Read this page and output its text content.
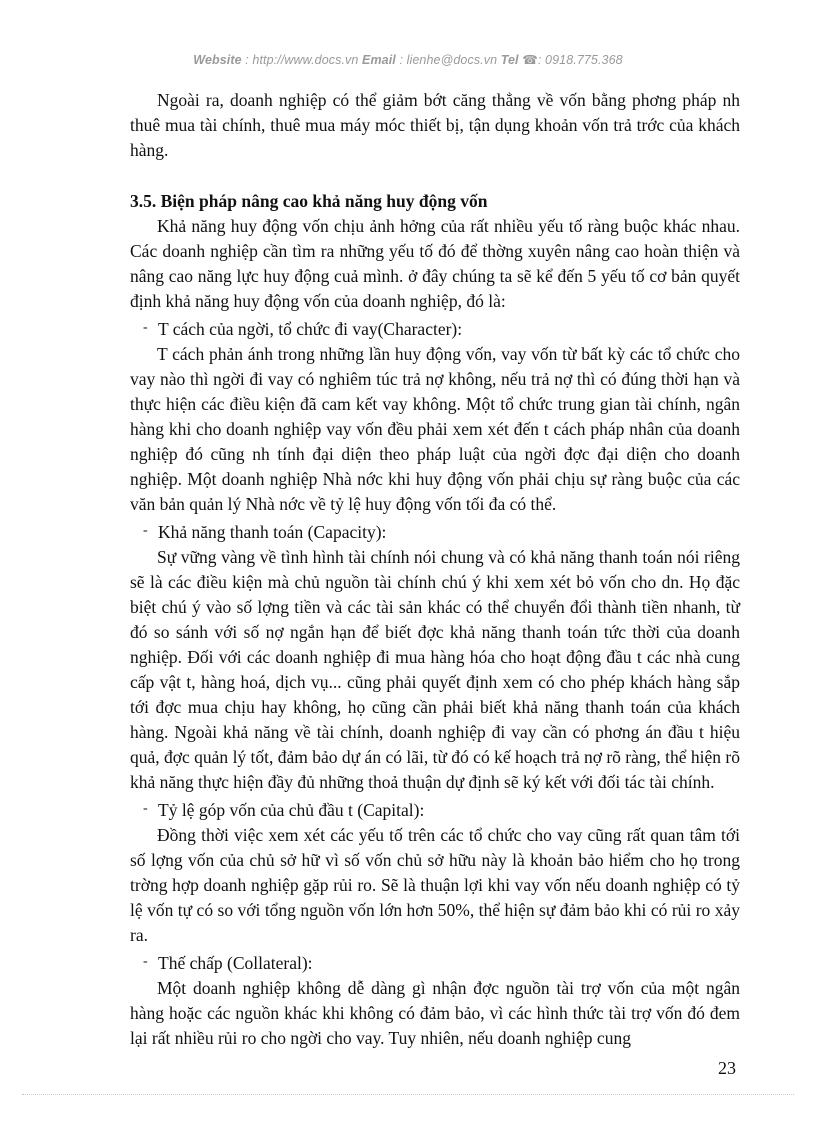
Website : http://www.docs.vn Email : lienhe@docs.vn Tel ☎: 0918.775.368

Ngoài ra, doanh nghiệp có thể giảm bớt căng thẳng về vốn bằng phơng pháp nh thuê mua tài chính, thuê mua máy móc thiết bị, tận dụng khoản vốn trả trớc của khách hàng.

3.5. Biện pháp nâng cao khả năng huy động vốn

Khả năng huy động vốn chịu ảnh hởng của rất nhiều yếu tố ràng buộc khác nhau. Các doanh nghiệp cần tìm ra những yếu tố đó để thờng xuyên nâng cao hoàn thiện và nâng cao năng lực huy động cuả mình. ở đây chúng ta sẽ kể đến 5 yếu tố cơ bản quyết định khả năng huy động vốn của doanh nghiệp, đó là:

- T cách của ngời, tổ chức đi vay(Character):

T cách phản ánh trong những lần huy động vốn, vay vốn từ bất kỳ các tổ chức cho vay nào thì ngời đi vay có nghiêm túc trả nợ không, nếu trả nợ thì có đúng thời hạn và thực hiện các điều kiện đã cam kết vay không. Một tổ chức trung gian tài chính, ngân hàng khi cho doanh nghiệp vay vốn đều phải xem xét đến t cách pháp nhân của doanh nghiệp đó cũng nh tính đại diện theo pháp luật của ngời đợc đại diện cho doanh nghiệp. Một doanh nghiệp Nhà nớc khi huy động vốn phải chịu sự ràng buộc của các văn bản quản lý Nhà nớc về tỷ lệ huy động vốn tối đa có thể.

- Khả năng thanh toán (Capacity):

Sự vững vàng về tình hình tài chính nói chung và có khả năng thanh toán nói riêng sẽ là các điều kiện mà chủ nguồn tài chính chú ý khi xem xét bỏ vốn cho dn. Họ đặc biệt chú ý vào số lợng tiền và các tài sản khác có thể chuyển đổi thành tiền nhanh, từ đó so sánh với số nợ ngắn hạn để biết đợc khả năng thanh toán tức thời của doanh nghiệp. Đối với các doanh nghiệp đi mua hàng hóa cho hoạt động đầu t các nhà cung cấp vật t, hàng hoá, dịch vụ... cũng phải quyết định xem có cho phép khách hàng sắp tới đợc mua chịu hay không, họ cũng cần phải biết khả năng thanh toán của khách hàng. Ngoài khả năng về tài chính, doanh nghiệp đi vay cần có phơng án đầu t hiệu quả, đợc quản lý tốt, đảm bảo dự án có lãi, từ đó có kế hoạch trả nợ rõ ràng, thể hiện rõ khả năng thực hiện đầy đủ những thoả thuận dự định sẽ ký kết với đối tác tài chính.

- Tỷ lệ góp vốn của chủ đầu t (Capital):

Đồng thời việc xem xét các yếu tố trên các tổ chức cho vay cũng rất quan tâm tới số lợng vốn của chủ sở hữ vì số vốn chủ sở hữu này là khoản bảo hiểm cho họ trong trờng hợp doanh nghiệp gặp rủi ro. Sẽ là thuận lợi khi vay vốn nếu doanh nghiệp có tỷ lệ vốn tự có so với tổng nguồn vốn lớn hơn 50%, thể hiện sự đảm bảo khi có rủi ro xảy ra.

- Thế chấp (Collateral):

Một doanh nghiệp không dễ dàng gì nhận đợc nguồn tài trợ vốn của một ngân hàng hoặc các nguồn khác khi không có đảm bảo, vì các hình thức tài trợ vốn đó đem lại rất nhiều rủi ro cho ngời cho vay. Tuy nhiên, nếu doanh nghiệp cung

23
